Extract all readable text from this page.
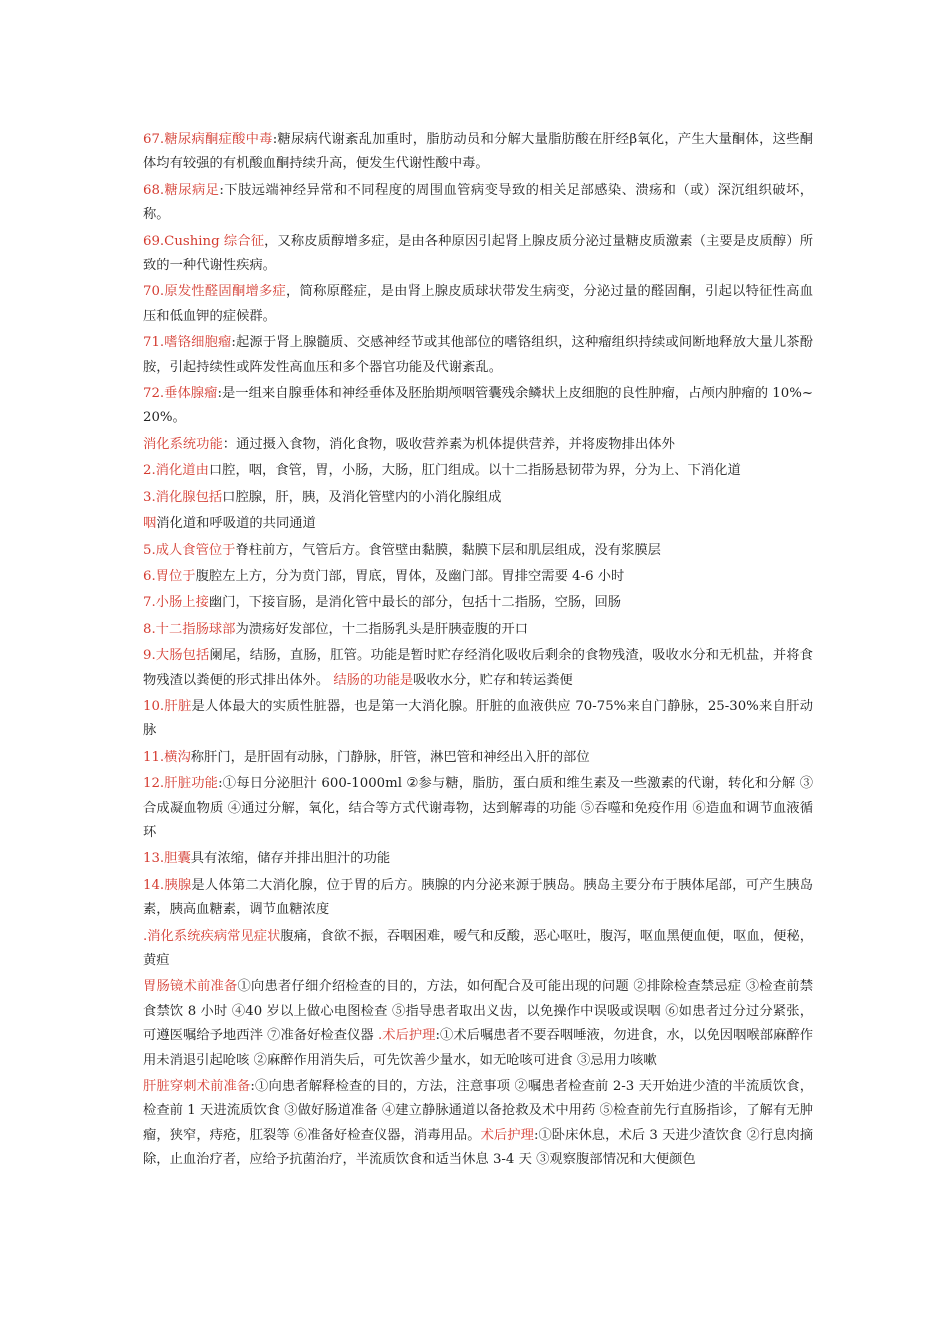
67.糖尿病酮症酸中毒:糖尿病代谢紊乱加重时，脂肪动员和分解大量脂肪酸在肝经β氧化，产生大量酮体，这些酮体均有较强的有机酸血酮持续升高，便发生代谢性酸中毒。

68.糖尿病足:下肢远端神经异常和不同程度的周围血管病变导致的相关足部感染、溃疡和（或）深沉组织破坏，称。

69.Cushing 综合征，又称皮质醇增多症，是由各种原因引起肾上腺皮质分泌过量糖皮质激素（主要是皮质醇）所致的一种代谢性疾病。

70.原发性醛固酮增多症，简称原醛症，是由肾上腺皮质球状带发生病变，分泌过量的醛固酮，引起以特征性高血压和低血钾的症候群。

71.嗜铬细胞瘤:起源于肾上腺髓质、交感神经节或其他部位的嗜铬组织，这种瘤组织持续或间断地释放大量儿茶酚胺，引起持续性或阵发性高血压和多个器官功能及代谢紊乱。

72.垂体腺瘤:是一组来自腺垂体和神经垂体及胚胎期颅咽管囊残余鳞状上皮细胞的良性肿瘤，占颅内肿瘤的 10%~20%。

消化系统功能：通过摄入食物，消化食物，吸收营养素为机体提供营养，并将废物排出体外

2.消化道由口腔，咽，食管，胃，小肠，大肠，肛门组成。以十二指肠悬韧带为界，分为上、下消化道

3.消化腺包括口腔腺，肝，胰，及消化管壁内的小消化腺组成

咽消化道和呼吸道的共同通道

5.成人食管位于脊柱前方，气管后方。食管壁由黏膜，黏膜下层和肌层组成，没有浆膜层

6.胃位于腹腔左上方，分为贲门部，胃底，胃体，及幽门部。胃排空需要 4-6 小时

7.小肠上接幽门，下接盲肠，是消化管中最长的部分，包括十二指肠，空肠，回肠

8.十二指肠球部为溃疡好发部位，十二指肠乳头是肝胰壶腹的开口

9.大肠包括阑尾，结肠，直肠，肛管。功能是暂时贮存经消化吸收后剩余的食物残渣，吸收水分和无机盐，并将食物残渣以粪便的形式排出体外。 结肠的功能是吸收水分，贮存和转运粪便

10.肝脏是人体最大的实质性脏器，也是第一大消化腺。肝脏的血液供应 70-75%来自门静脉，25-30%来自肝动脉

11.横沟称肝门，是肝固有动脉，门静脉，肝管，淋巴管和神经出入肝的部位

12.肝脏功能:①每日分泌胆汁 600-1000ml ②参与糖，脂肪，蛋白质和维生素及一些激素的代谢，转化和分解 ③合成凝血物质 ④通过分解，氧化，结合等方式代谢毒物，达到解毒的功能 ⑤吞噬和免疫作用 ⑥造血和调节血液循环

13.胆囊具有浓缩，储存并排出胆汁的功能

14.胰腺是人体第二大消化腺，位于胃的后方。胰腺的内分泌来源于胰岛。胰岛主要分布于胰体尾部，可产生胰岛素，胰高血糖素，调节血糖浓度

.消化系统疾病常见症状腹痛，食欲不振，吞咽困难，嗳气和反酸，恶心呕吐，腹泻，呕血黑便血便，呕血，便秘，黄疸

胃肠镜术前准备①向患者仔细介绍检查的目的，方法，如何配合及可能出现的问题 ②排除检查禁忌症 ③检查前禁食禁饮 8 小时 ④40 岁以上做心电图检查 ⑤指导患者取出义齿，以免操作中误吸或误咽 ⑥如患者过分过分紧张，可遵医嘱给予地西泮 ⑦准备好检查仪器 .术后护理:①术后嘱患者不要吞咽唾液，勿进食，水，以免因咽喉部麻醉作用未消退引起呛咳 ②麻醉作用消失后，可先饮善少量水，如无呛咳可进食 ③忌用力咳嗽

肝脏穿刺术前准备:①向患者解释检查的目的，方法，注意事项 ②嘱患者检查前 2-3 天开始进少渣的半流质饮食，检查前 1 天进流质饮食 ③做好肠道准备 ④建立静脉通道以备抢救及术中用药 ⑤检查前先行直肠指诊，了解有无肿瘤，狭窄，痔疮，肛裂等 ⑥准备好检查仪器，消毒用品。术后护理:①卧床休息，术后 3 天进少渣饮食 ②行息肉摘除，止血治疗者，应给予抗菌治疗，半流质饮食和适当休息 3-4 天 ③观察腹部情况和大便颜色
